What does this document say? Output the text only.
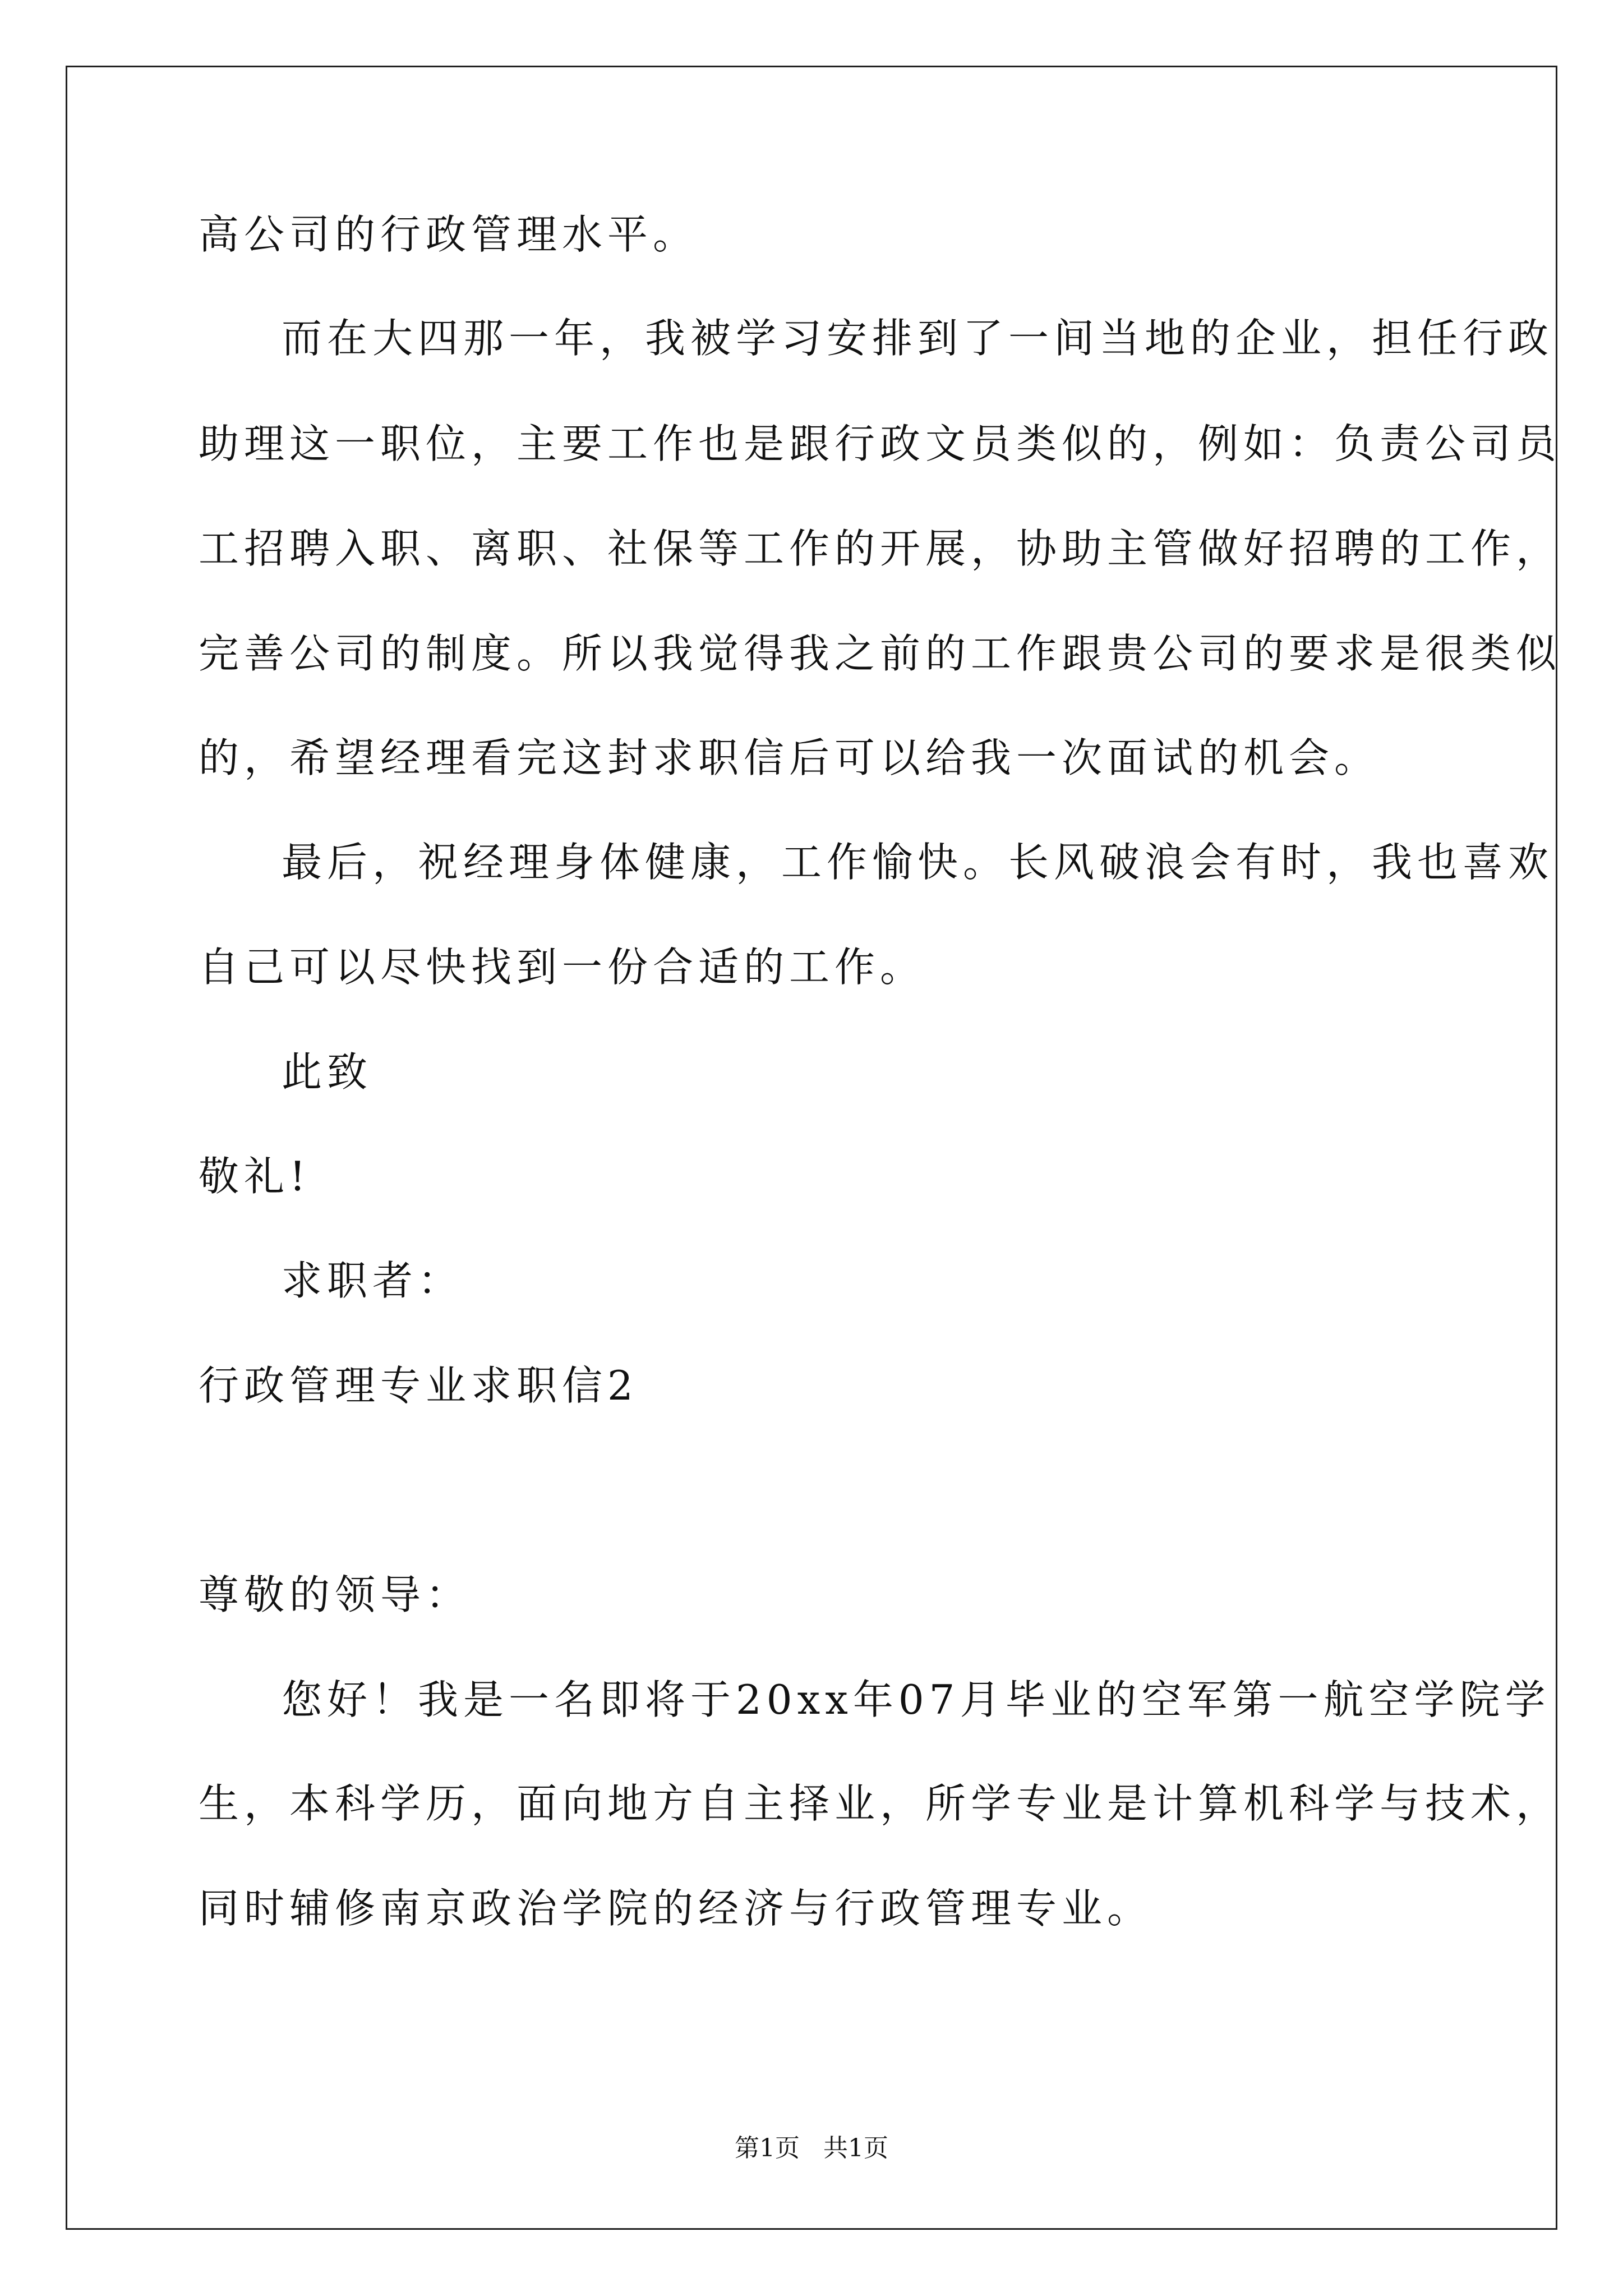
高公司的行政管理水平。
而在大四那一年，我被学习安排到了一间当地的企业，担任行政
助理这一职位，主要工作也是跟行政文员类似的，例如：负责公司员
工招聘入职、离职、社保等工作的开展，协助主管做好招聘的工作，
完善公司的制度。所以我觉得我之前的工作跟贵公司的要求是很类似
的，希望经理看完这封求职信后可以给我一次面试的机会。
最后，祝经理身体健康，工作愉快。长风破浪会有时，我也喜欢
自己可以尽快找到一份合适的工作。
此致
敬礼!
求职者：
行政管理专业求职信2
尊敬的领导：
您好！我是一名即将于20xx年07月毕业的空军第一航空学院学
生，本科学历，面向地方自主择业，所学专业是计算机科学与技术，
同时辅修南京政治学院的经济与行政管理专业。
第1页   共1页
